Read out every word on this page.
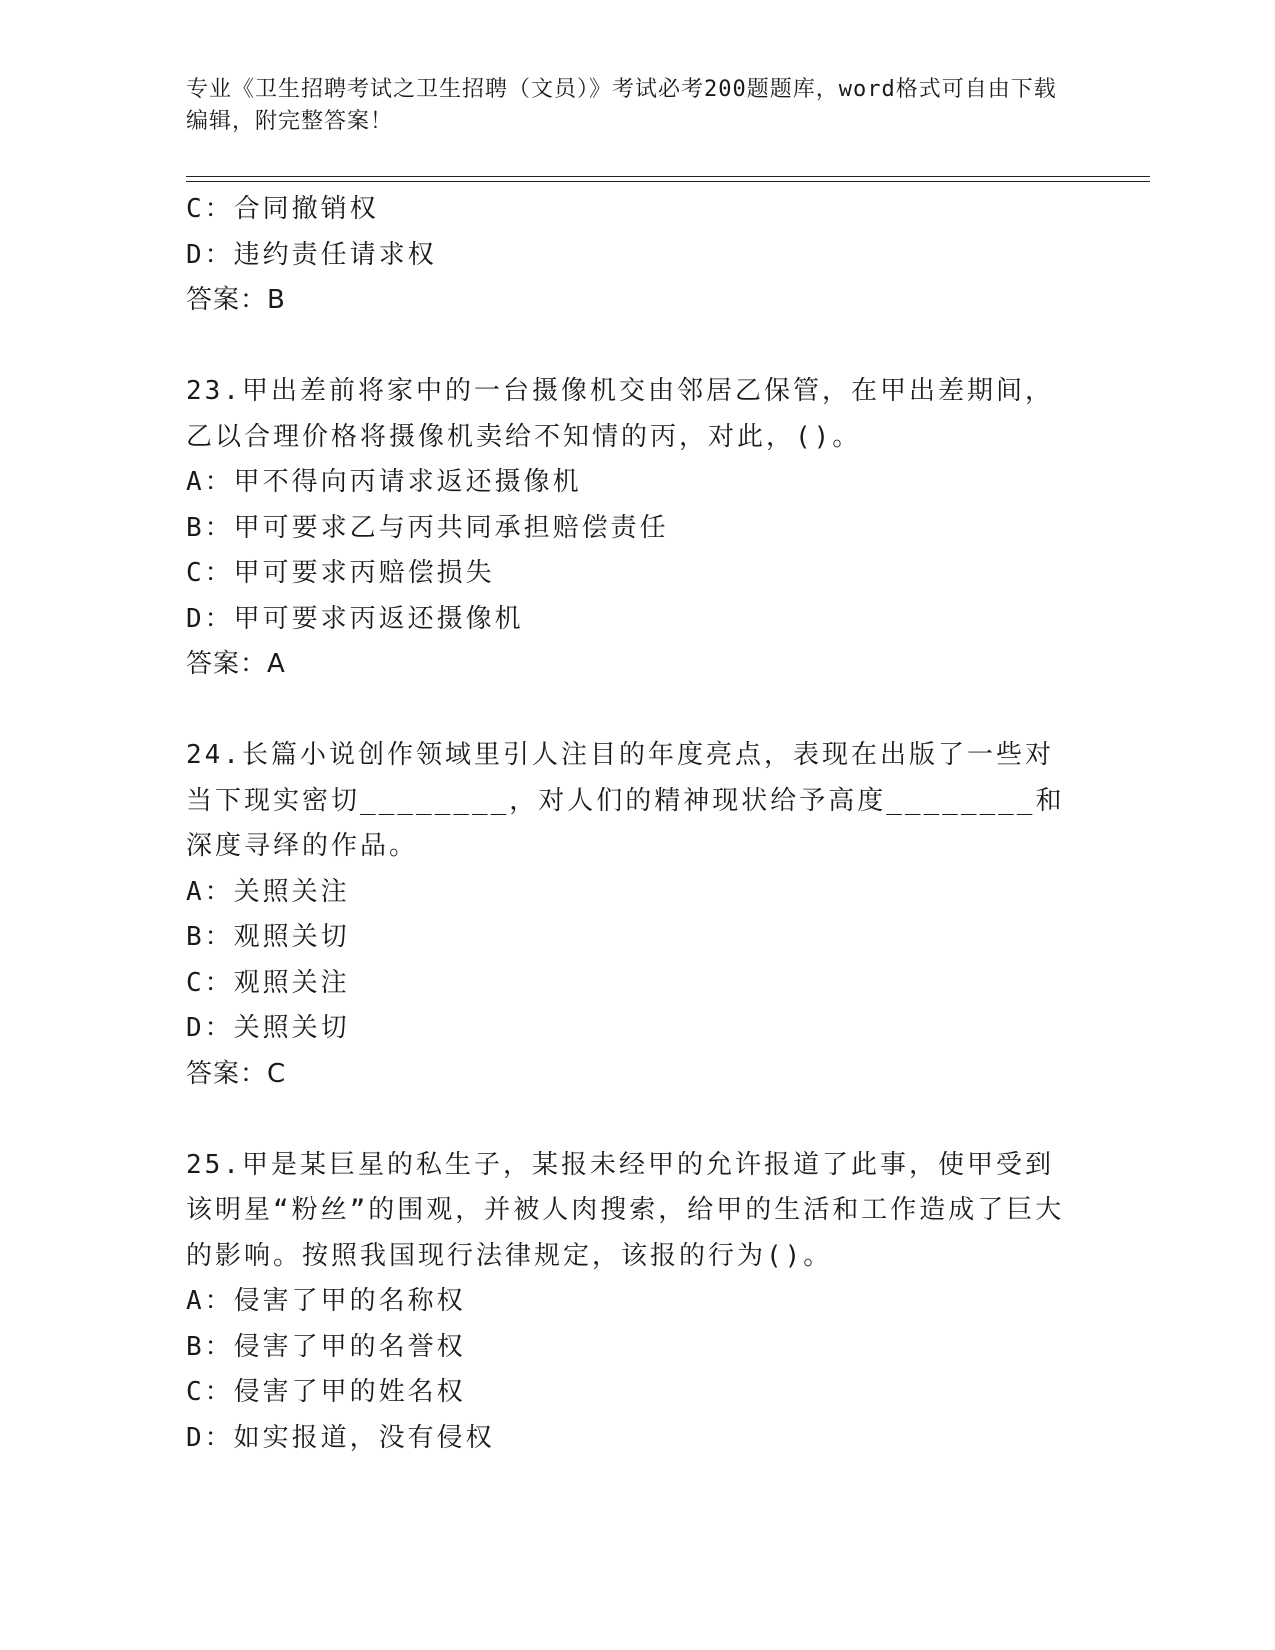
专业《卫生招聘考试之卫生招聘（文员）》考试必考200题题库，word格式可自由下载编辑，附完整答案！
C：合同撤销权
D：违约责任请求权
答案：B
23.甲出差前将家中的一台摄像机交由邻居乙保管，在甲出差期间，乙以合理价格将摄像机卖给不知情的丙，对此，()。
A：甲不得向丙请求返还摄像机
B：甲可要求乙与丙共同承担赔偿责任
C：甲可要求丙赔偿损失
D：甲可要求丙返还摄像机
答案：A
24.长篇小说创作领域里引人注目的年度亮点，表现在出版了一些对当下现实密切________，对人们的精神现状给予高度________和深度寻绎的作品。
A：关照关注
B：观照关切
C：观照关注
D：关照关切
答案：C
25.甲是某巨星的私生子，某报未经甲的允许报道了此事，使甲受到该明星“粉丝”的围观，并被人肉搜索，给甲的生活和工作造成了巨大的影响。按照我国现行法律规定，该报的行为()。
A：侵害了甲的名称权
B：侵害了甲的名誉权
C：侵害了甲的姓名权
D：如实报道，没有侵权
